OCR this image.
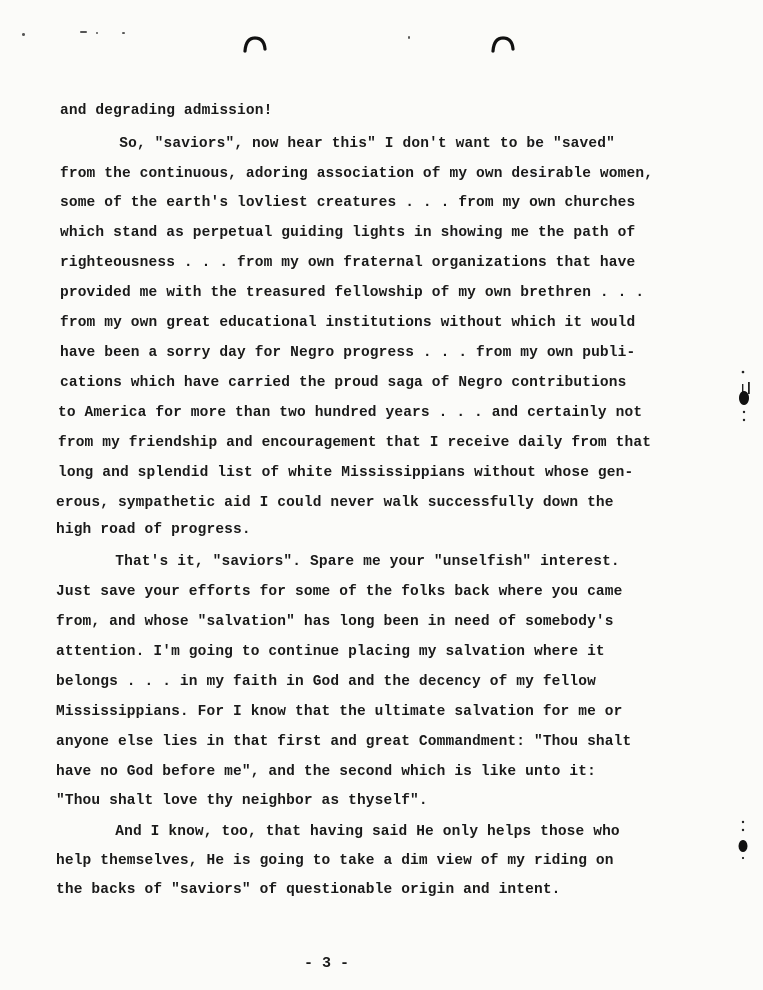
and degrading admission!
So, "saviors", now hear this" I don't want to be "saved"
from the continuous, adoring association of my own desirable women,
some of the earth's lovliest creatures . . . from my own churches
which stand as perpetual guiding lights in showing me the path of
righteousness . . . from my own fraternal organizations that have
provided me with the treasured fellowship of my own brethren . . .
from my own great educational institutions without which it would
have been a sorry day for Negro progress . . . from my own publi-
cations which have carried the proud saga of Negro contributions
to America for more than two hundred years . . . and certainly not
from my friendship and encouragement that I receive daily from that
long and splendid list of white Mississippians without whose gen-
erous, sympathetic aid I could never walk successfully down the
high road of progress.
That's it, "saviors". Spare me your "unselfish" interest.
Just save your efforts for some of the folks back where you came
from, and whose "salvation" has long been in need of somebody's
attention. I'm going to continue placing my salvation where it
belongs . . . in my faith in God and the decency of my fellow
Mississippians. For I know that the ultimate salvation for me or
anyone else lies in that first and great Commandment: "Thou shalt
have no God before me", and the second which is like unto it:
"Thou shalt love thy neighbor as thyself".
And I know, too, that having said He only helps those who
help themselves, He is going to take a dim view of my riding on
the backs of "saviors" of questionable origin and intent.
- 3 -
